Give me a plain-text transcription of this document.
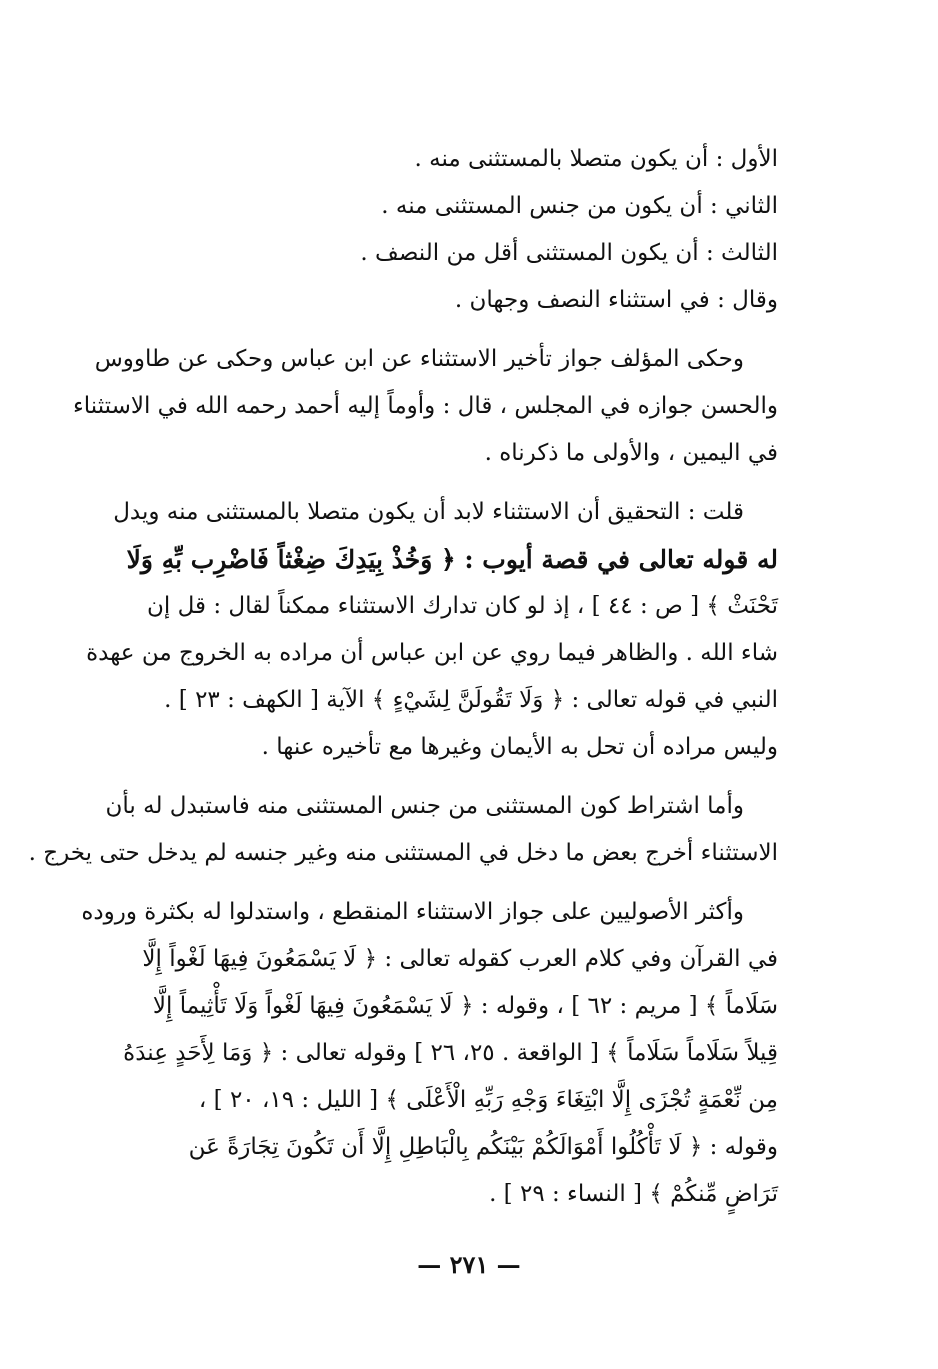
الأول : أن يكون متصلا بالمستثنى منه .
الثاني : أن يكون من جنس المستثنى منه .
الثالث : أن يكون المستثنى أقل من النصف .
وقال : في استثناء النصف وجهان .
وحكى المؤلف جواز تأخير الاستثناء عن ابن عباس وحكى عن طاووس
والحسن جوازه في المجلس ، قال : وأوماً إليه أحمد رحمه الله في الاستثناء
في اليمين ، والأولى ما ذكرناه .
قلت : التحقيق أن الاستثناء لابد أن يكون متصلا بالمستثنى منه ويدل
له قوله تعالى في قصة أيوب : ﴿ وَخُذْ بِيَدِكَ ضِغْثاً فَاضْرِب بِّهِ وَلَا
تَحْنَثْ ﴾ [ ص : ٤٤ ] ، إذ لو كان تدارك الاستثناء ممكناً لقال : قل إن
شاء الله . والظاهر فيما روي عن ابن عباس أن مراده به الخروج من عهدة
النبي في قوله تعالى : ﴿ وَلَا تَقُولَنَّ لِشَيْءٍ ﴾ الآية [ الكهف : ٢٣ ] .
وليس مراده أن تحل به الأيمان وغيرها مع تأخيره عنها .
وأما اشتراط كون المستثنى من جنس المستثنى منه فاستبدل له بأن
الاستثناء أخرج بعض ما دخل في المستثنى منه وغير جنسه لم يدخل حتى يخرج .
وأكثر الأصوليين على جواز الاستثناء المنقطع ، واستدلوا له بكثرة وروده
في القرآن وفي كلام العرب كقوله تعالى : ﴿ لَا يَسْمَعُونَ فِيهَا لَغْواً إِلَّا
سَلَاماً ﴾ [ مريم : ٦٢ ] ، وقوله : ﴿ لَا يَسْمَعُونَ فِيهَا لَغْواً وَلَا تَأْثِيماً إِلَّا
قِيلاً سَلَاماً سَلَاماً ﴾ [ الواقعة . ٢٥، ٢٦ ] وقوله تعالى : ﴿ وَمَا لِأَحَدٍ عِندَهُ
مِن نِّعْمَةٍ تُجْزَى إِلَّا ابْتِغَاءَ وَجْهِ رَبِّهِ الْأَعْلَى ﴾ [ الليل : ١٩، ٢٠ ] ،
وقوله : ﴿ لَا تَأْكُلُوا أَمْوَالَكُمْ بَيْنَكُم بِالْبَاطِلِ إِلَّا أَن تَكُونَ تِجَارَةً عَن
تَرَاضٍ مِّنكُمْ ﴾ [ النساء : ٢٩ ] .
— ٢٧١ —
